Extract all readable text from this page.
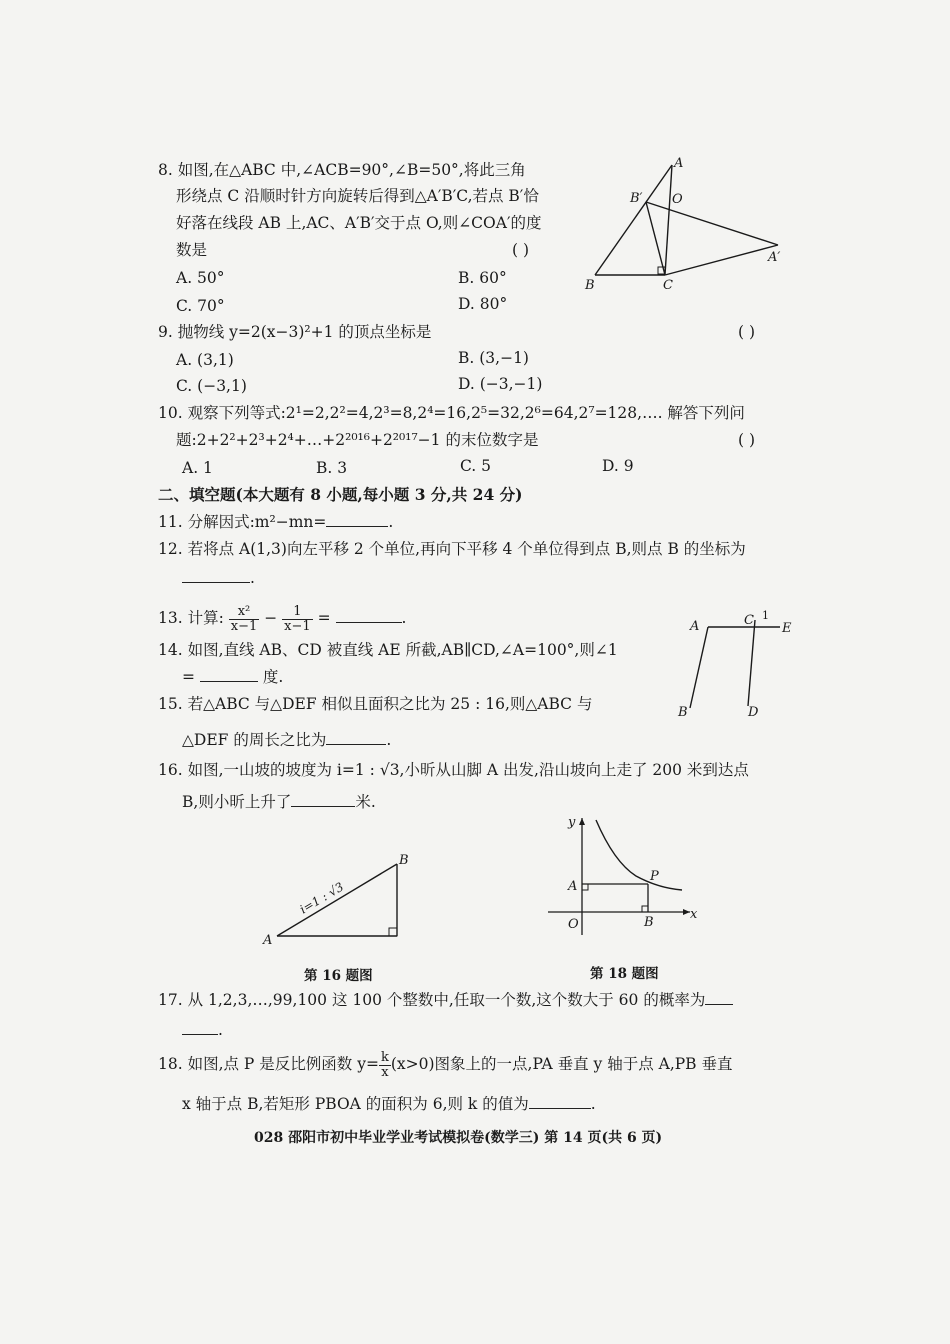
8. 如图,在△ABC 中,∠ACB=90°,∠B=50°,将此三角
形绕点 C 沿顺时针方向旋转后得到△A′B′C,若点 B′恰
好落在线段 AB 上,AC、A′B′交于点 O,则∠COA′的度
数是	( )
A. 50°	B. 60°
C. 70°	D. 80°
A
B′ O
A′
B	C
9. 抛物线 y=2(x−3)²+1 的顶点坐标是	( )
A. (3,1)	B. (3,−1)
C. (−3,1)	D. (−3,−1)
10. 观察下列等式:2¹=2,2²=4,2³=8,2⁴=16,2⁵=32,2⁶=64,2⁷=128,…. 解答下列问
题:2+2²+2³+2⁴+…+2²⁰¹⁶+2²⁰¹⁷−1 的末位数字是	( )
A. 1	B. 3	C. 5	D. 9
二、填空题(本大题有 8 小题,每小题 3 分,共 24 分)
11. 分解因式:m²−mn=	.
12. 若将点 A(1,3)向左平移 2 个单位,再向下平移 4 个单位得到点 B,则点 B 的坐标为
.
13. 计算: $\frac{\text{x²}}{x-1} - \frac{1}{x-1}$ =	.
14. 如图,直线 AB、CD 被直线 AE 所截,AB∥CD,∠A=100°,则∠1
=	度.
A	C 1
E
B	D
15. 若△ABC 与△DEF 相似且面积之比为 25 : 16,则△ABC 与
△DEF 的周长之比为	.
16. 如图,一山坡的坡度为 i=1 : √3,小昕从山脚 A 出发,沿山坡向上走了 200 米到达点
B,则小昕上升了	米.
A
B
i=1 : √3
第 16 题图
y
x
O
A
B
P
第 18 题图
17. 从 1,2,3,…,99,100 这 100 个整数中,任取一个数,这个数大于 60 的概率为
.
18. 如图,点 P 是反比例函数 $y= \frac{k}{x} (x>0)$图象上的一点,PA 垂直 y 轴于点 A,PB 垂直
x 轴于点 B,若矩形 PBOA 的面积为 6,则 k 的值为	.
028 邵阳市初中毕业学业考试模拟卷(数学三) 第 14 页(共 6 页)
